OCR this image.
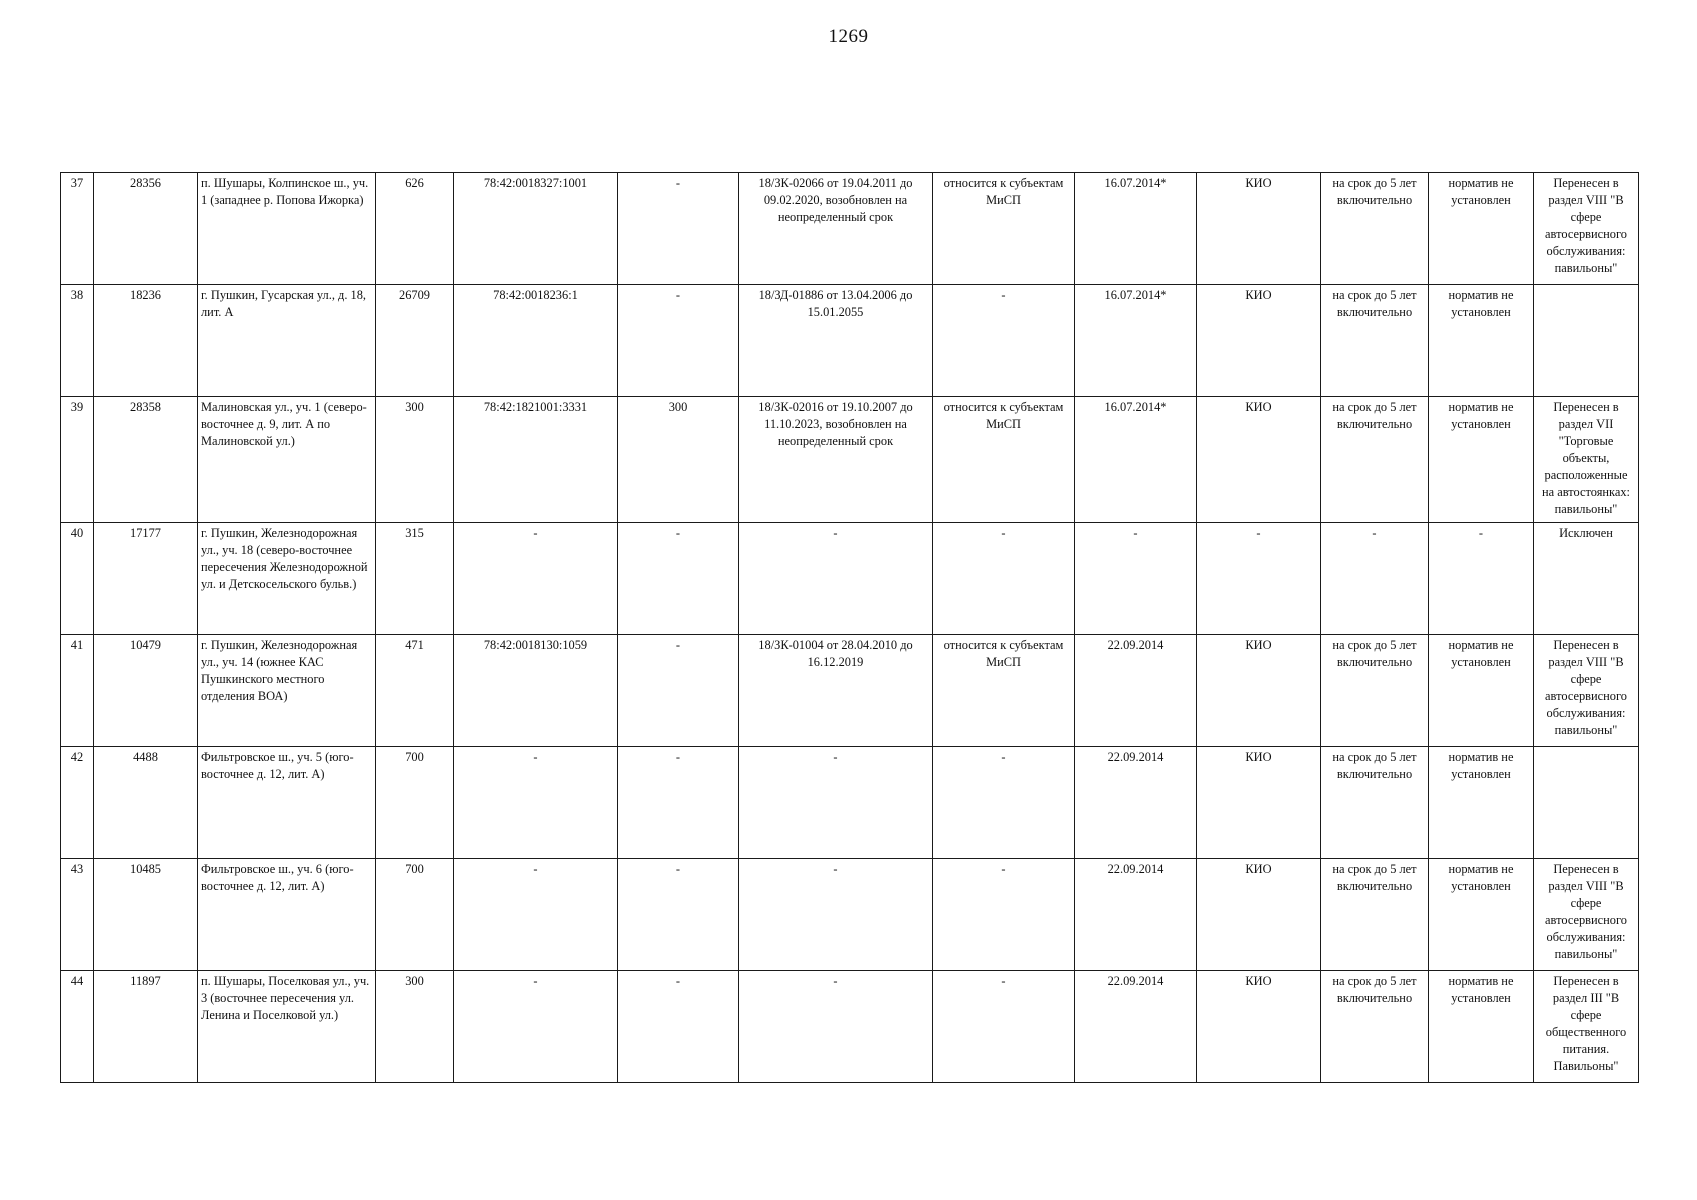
1269
37	28356	п. Шушары, Колпинское ш., уч. 1 (западнее р. Попова Ижорка)	626	78:42:0018327:1001	-	18/ЗК-02066 от 19.04.2011 до 09.02.2020, возобновлен на неопределенный срок	относится к субъектам МиСП	16.07.2014*	КИО	на срок до 5 лет включительно	норматив не установлен	Перенесен в раздел VIII "В сфере автосервисного обслуживания: павильоны"
38	18236	г. Пушкин, Гусарская ул., д. 18, лит. А	26709	78:42:0018236:1	-	18/ЗД-01886 от 13.04.2006 до 15.01.2055	-	16.07.2014*	КИО	на срок до 5 лет включительно	норматив не установлен	
39	28358	Малиновская ул., уч. 1 (северо-восточнее д. 9, лит. А по Малиновской ул.)	300	78:42:1821001:3331	300	18/ЗК-02016 от 19.10.2007 до 11.10.2023, возобновлен на неопределенный срок	относится к субъектам МиСП	16.07.2014*	КИО	на срок до 5 лет включительно	норматив не установлен	Перенесен в раздел VII "Торговые объекты, расположенные на автостоянках: павильоны"
40	17177	г. Пушкин, Железнодорожная ул., уч. 18 (северо-восточнее пересечения Железнодорожной ул. и Детскосельского бульв.)	315	-	-	-	-	-	-	-	-	Исключен
41	10479	г. Пушкин, Железнодорожная ул., уч. 14 (южнее КАС Пушкинского местного отделения ВОА)	471	78:42:0018130:1059	-	18/ЗК-01004 от 28.04.2010 до 16.12.2019	относится к субъектам МиСП	22.09.2014	КИО	на срок до 5 лет включительно	норматив не установлен	Перенесен в раздел VIII "В сфере автосервисного обслуживания: павильоны"
42	4488	Фильтровское ш., уч. 5 (юго-восточнее д. 12, лит. А)	700	-	-	-	-	22.09.2014	КИО	на срок до 5 лет включительно	норматив не установлен	
43	10485	Фильтровское ш., уч. 6 (юго-восточнее д. 12, лит. А)	700	-	-	-	-	22.09.2014	КИО	на срок до 5 лет включительно	норматив не установлен	Перенесен в раздел VIII "В сфере автосервисного обслуживания: павильоны"
44	11897	п. Шушары, Поселковая ул., уч. 3 (восточнее пересечения ул. Ленина и Поселковой ул.)	300	-	-	-	-	22.09.2014	КИО	на срок до 5 лет включительно	норматив не установлен	Перенесен в раздел III "В сфере общественного питания. Павильоны"
